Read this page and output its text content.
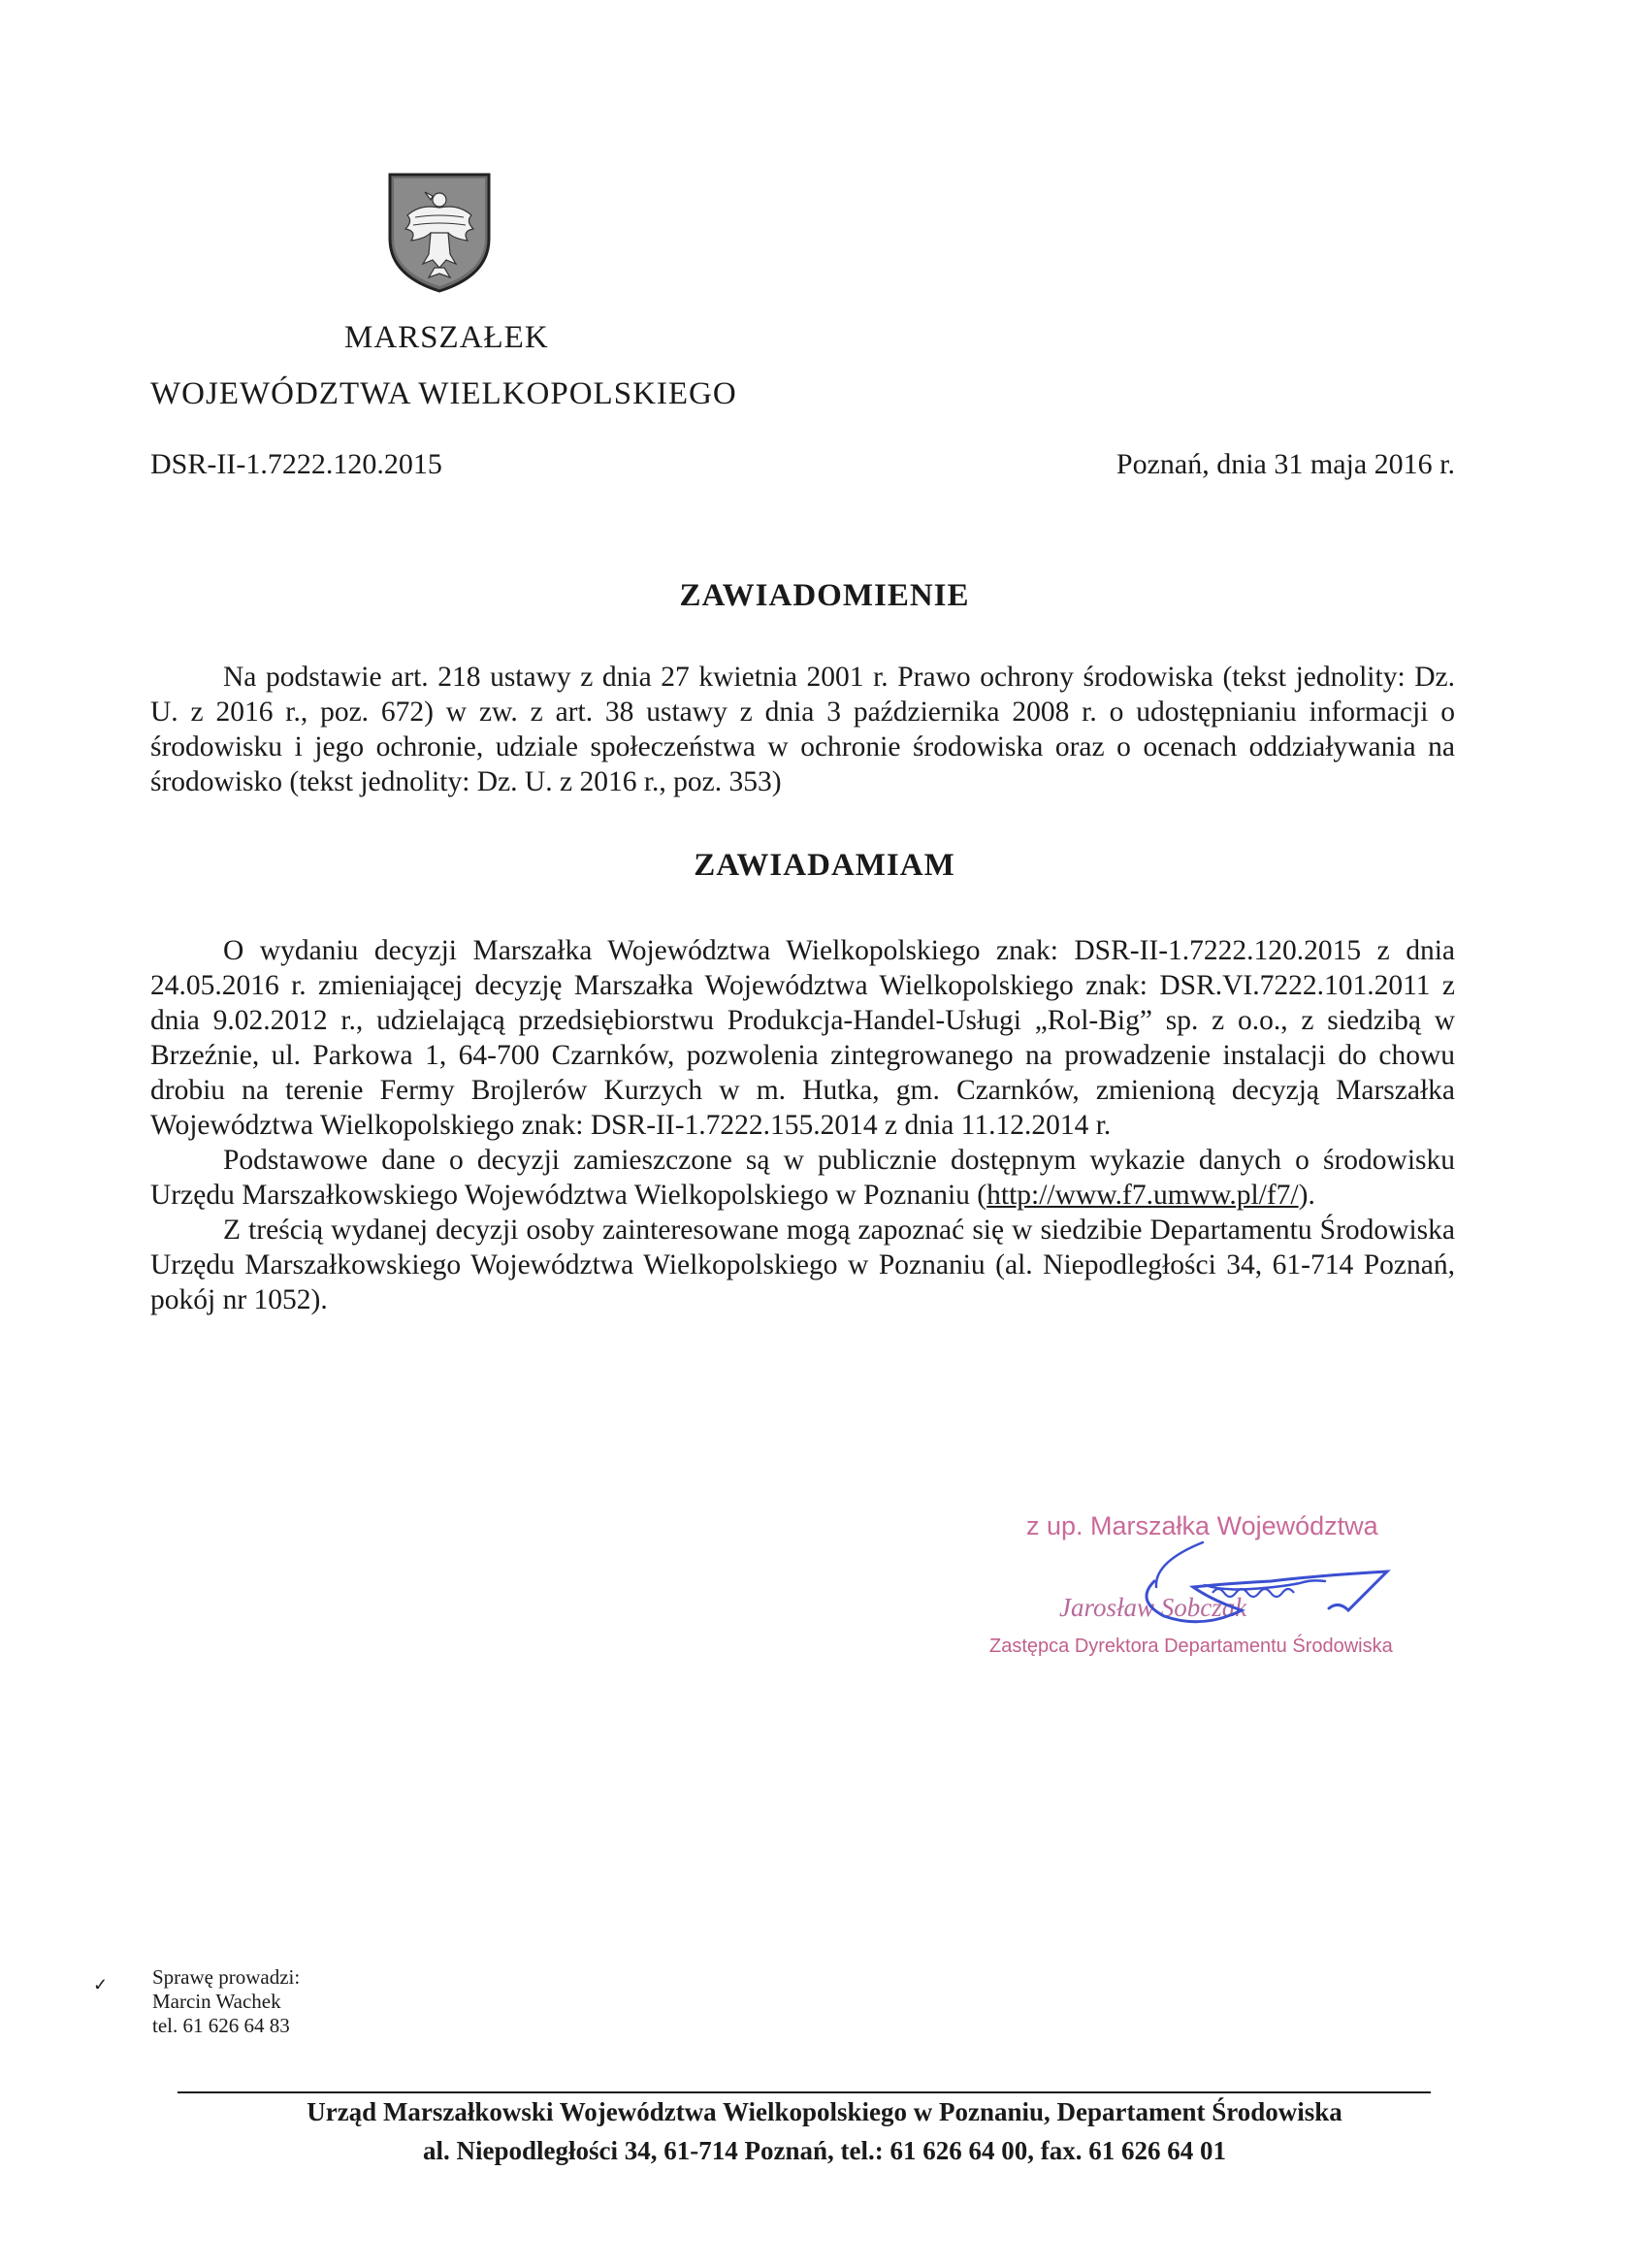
MARSZAŁEK
WOJEWÓDZTWA WIELKOPOLSKIEGO
DSR-II-1.7222.120.2015	Poznań, dnia 31 maja 2016 r.
ZAWIADOMIENIE

Na podstawie art. 218 ustawy z dnia 27 kwietnia 2001 r. Prawo ochrony środowiska (tekst jednolity: Dz. U. z 2016 r., poz. 672) w zw. z art. 38 ustawy z dnia 3 października 2008 r. o udostępnianiu informacji o środowisku i jego ochronie, udziale społeczeństwa w ochronie środowiska oraz o ocenach oddziaływania na środowisko (tekst jednolity: Dz. U. z 2016 r., poz. 353)

ZAWIADAMIAM

O wydaniu decyzji Marszałka Województwa Wielkopolskiego znak: DSR-II-1.7222.120.2015 z dnia 24.05.2016 r. zmieniającej decyzję Marszałka Województwa Wielkopolskiego znak: DSR.VI.7222.101.2011 z dnia 9.02.2012 r., udzielającą przedsiębiorstwu Produkcja-Handel-Usługi „Rol-Big” sp. z o.o., z siedzibą w Brzeźnie, ul. Parkowa 1, 64-700 Czarnków, pozwolenia zintegrowanego na prowadzenie instalacji do chowu drobiu na terenie Fermy Brojlerów Kurzych w m. Hutka, gm. Czarnków, zmienioną decyzją Marszałka Województwa Wielkopolskiego znak: DSR-II-1.7222.155.2014 z dnia 11.12.2014 r.

Podstawowe dane o decyzji zamieszczone są w publicznie dostępnym wykazie danych o środowisku Urzędu Marszałkowskiego Województwa Wielkopolskiego w Poznaniu (http://www.f7.umww.pl/f7/).

Z treścią wydanej decyzji osoby zainteresowane mogą zapoznać się w siedzibie Departamentu Środowiska Urzędu Marszałkowskiego Województwa Wielkopolskiego w Poznaniu (al. Niepodległości 34, 61-714 Poznań, pokój nr 1052).

z up. Marszałka Województwa
Jarosław Sobczak
Zastępca Dyrektora Departamentu Środowiska
✓ Sprawę prowadzi:
Marcin Wachek
tel. 61 626 64 83
Urząd Marszałkowski Województwa Wielkopolskiego w Poznaniu, Departament Środowiska
al. Niepodległości 34, 61-714 Poznań, tel.: 61 626 64 00, fax. 61 626 64 01
